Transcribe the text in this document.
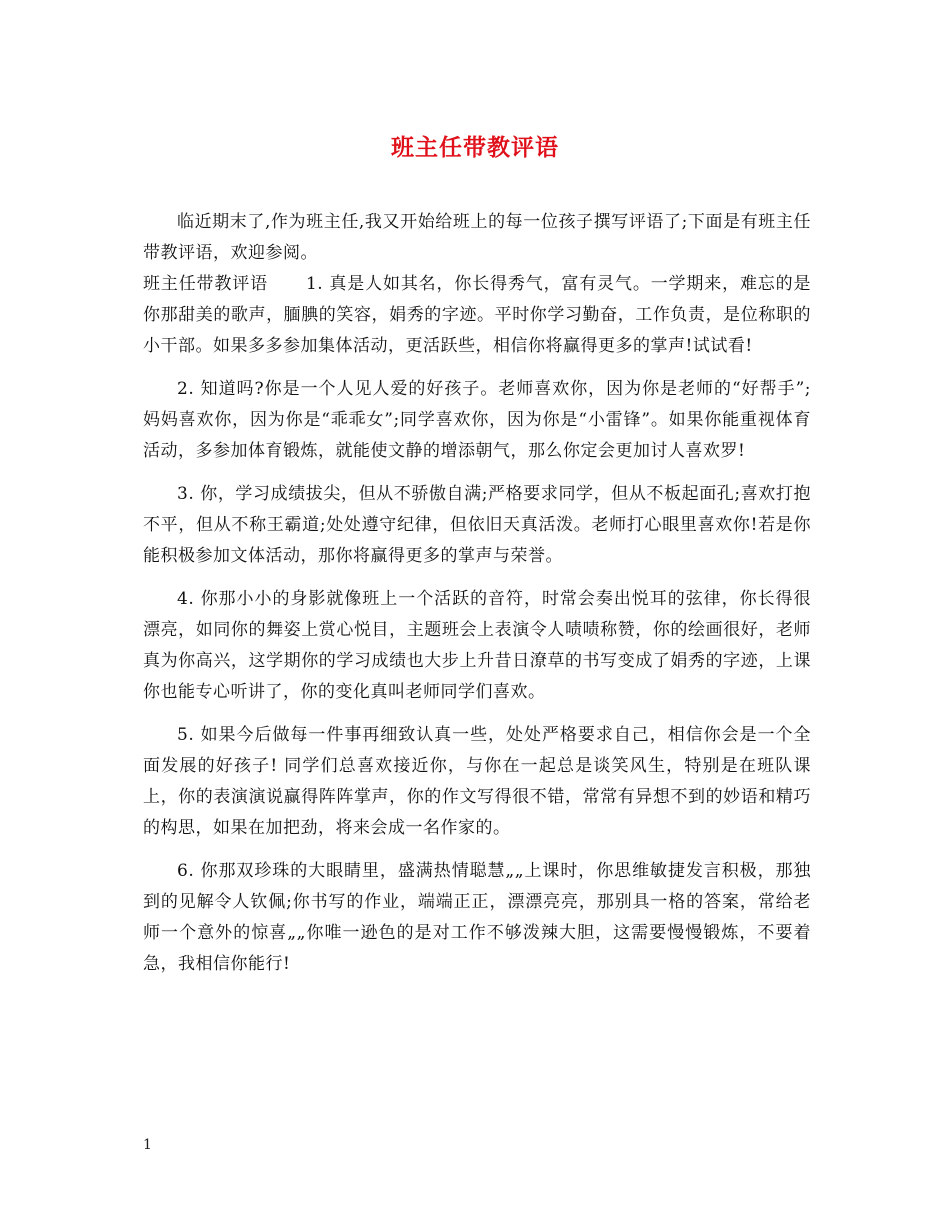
班主任带教评语

临近期末了,作为班主任,我又开始给班上的每一位孩子撰写评语了;下面是有班主任带教评语，欢迎参阅。

班主任带教评语 1. 真是人如其名，你长得秀气，富有灵气。一学期来，难忘的是你那甜美的歌声，腼腆的笑容，娟秀的字迹。平时你学习勤奋，工作负责，是位称职的小干部。如果多多参加集体活动，更活跃些，相信你将赢得更多的掌声!试试看!

2. 知道吗?你是一个人见人爱的好孩子。老师喜欢你，因为你是老师的“好帮手”;妈妈喜欢你，因为你是“乖乖女”;同学喜欢你，因为你是“小雷锋”。如果你能重视体育活动，多参加体育锻炼，就能使文静的增添朝气，那么你定会更加讨人喜欢罗!

3. 你，学习成绩拔尖，但从不骄傲自满;严格要求同学，但从不板起面孔;喜欢打抱不平，但从不称王霸道;处处遵守纪律，但依旧天真活泼。老师打心眼里喜欢你!若是你能积极参加文体活动，那你将赢得更多的掌声与荣誉。

4. 你那小小的身影就像班上一个活跃的音符，时常会奏出悦耳的弦律，你长得很漂亮，如同你的舞姿上赏心悦目，主题班会上表演令人啧啧称赞，你的绘画很好，老师真为你高兴，这学期你的学习成绩也大步上升昔日潦草的书写变成了娟秀的字迹，上课你也能专心听讲了，你的变化真叫老师同学们喜欢。

5. 如果今后做每一件事再细致认真一些，处处严格要求自己，相信你会是一个全面发展的好孩子! 同学们总喜欢接近你，与你在一起总是谈笑风生，特别是在班队课上，你的表演演说赢得阵阵掌声，你的作文写得很不错，常常有异想不到的妙语和精巧的构思，如果在加把劲，将来会成一名作家的。

6. 你那双珍珠的大眼睛里，盛满热情聪慧„„上课时，你思维敏捷发言积极，那独到的见解令人钦佩;你书写的作业，端端正正，漂漂亮亮，那别具一格的答案，常给老师一个意外的惊喜„„你唯一逊色的是对工作不够泼辣大胆，这需要慢慢锻炼，不要着急，我相信你能行!

1
